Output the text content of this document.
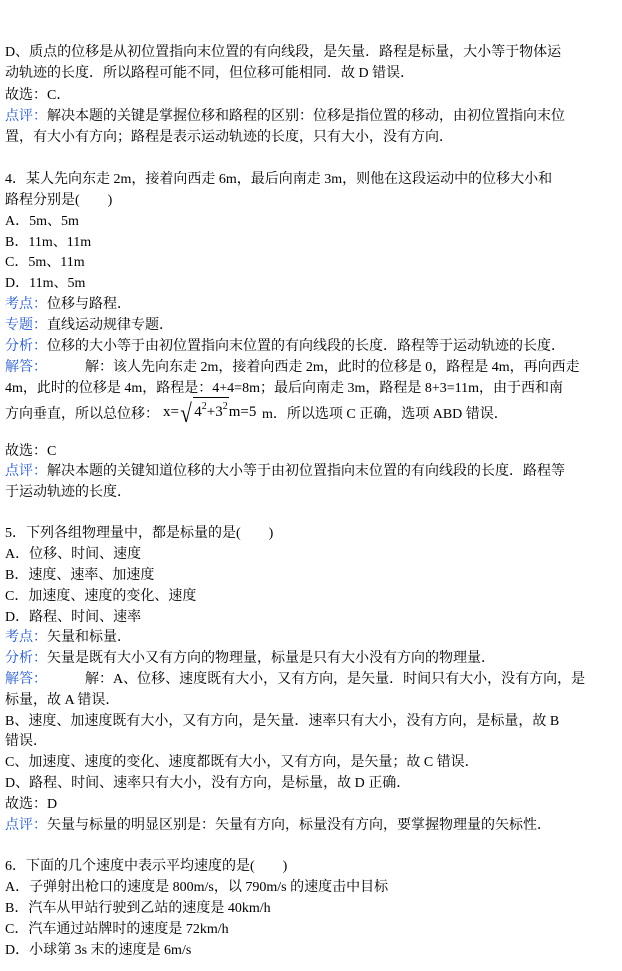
D、质点的位移是从初位置指向末位置的有向线段，是矢量．路程是标量，大小等于物体运
动轨迹的长度．所以路程可能不同，但位移可能相同．故 D 错误．
故选：C．
点评：解决本题的关键是掌握位移和路程的区别：位移是指位置的移动，由初位置指向末位
置，有大小有方向；路程是表示运动轨迹的长度，只有大小，没有方向．
4．某人先向东走 2m，接着向西走 6m，最后向南走 3m，则他在这段运动中的位移大小和
路程分别是(　　)
A．5m、5m
B．11m、11m
C．5m、11m
D．11m、5m
考点：位移与路程．
专题：直线运动规律专题．
分析：位移的大小等于由初位置指向末位置的有向线段的长度．路程等于运动轨迹的长度．
解答：	解：该人先向东走 2m，接着向西走 2m，此时的位移是 0，路程是 4m，再向西走
4m，此时的位移是 4m，路程是：4+4=8m；最后向南走 3m，路程是 8+3=11m，由于西和南
方向垂直，所以总位移： x=√ $4^2+3^2m=5$ m．所以选项 C 正确，选项 ABD 错误．
故选：C
点评：解决本题的关键知道位移的大小等于由初位置指向末位置的有向线段的长度．路程等
于运动轨迹的长度．
5．下列各组物理量中，都是标量的是(　　)
A．位移、时间、速度
B．速度、速率、加速度
C．加速度、速度的变化、速度
D．路程、时间、速率
考点：矢量和标量．
分析：矢量是既有大小又有方向的物理量，标量是只有大小没有方向的物理量．
解答：	解：A、位移、速度既有大小，又有方向，是矢量．时间只有大小，没有方向，是
标量，故 A 错误．
B、速度、加速度既有大小，又有方向，是矢量．速率只有大小，没有方向，是标量，故 B
错误．
C、加速度、速度的变化、速度都既有大小，又有方向，是矢量；故 C 错误．
D、路程、时间、速率只有大小，没有方向，是标量，故 D 正确．
故选：D
点评：矢量与标量的明显区别是：矢量有方向，标量没有方向，要掌握物理量的矢标性．
6．下面的几个速度中表示平均速度的是(　　)
A．子弹射出枪口的速度是 800m/s，以 790m/s 的速度击中目标
B．汽车从甲站行驶到乙站的速度是 40km/h
C．汽车通过站牌时的速度是 72km/h
D．小球第 3s 末的速度是 6m/s
